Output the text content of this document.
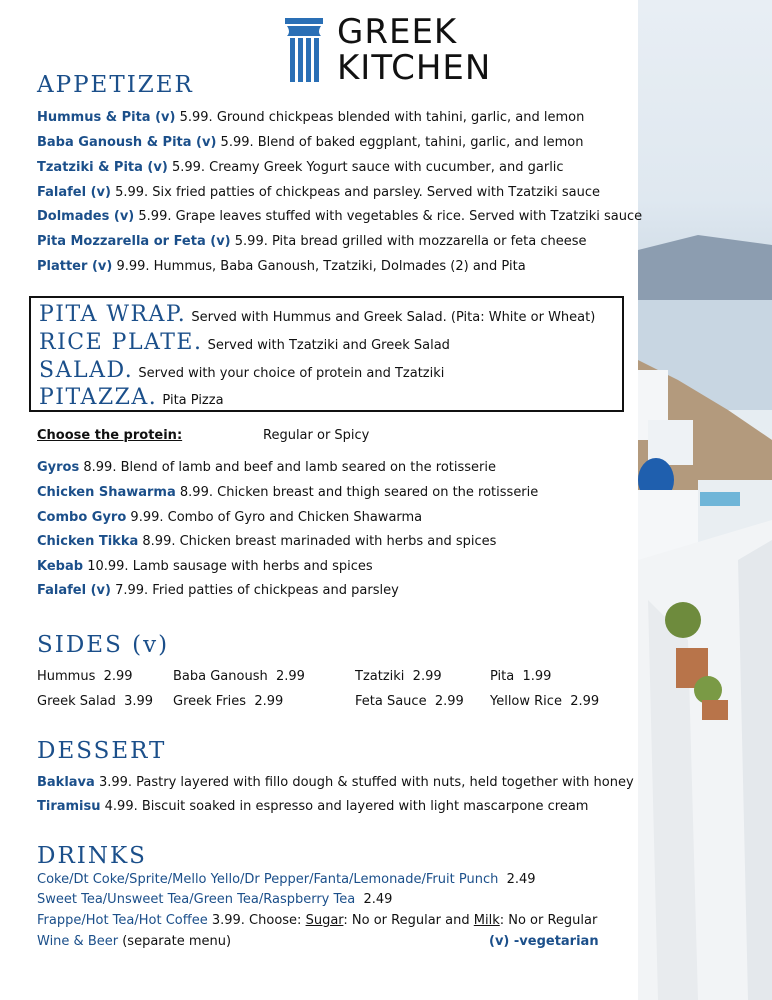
GREEK
KITCHEN
APPETIZER
Hummus & Pita (v) 5.99. Ground chickpeas blended with tahini, garlic, and lemon
Baba Ganoush & Pita (v) 5.99. Blend of baked eggplant, tahini, garlic, and lemon
Tzatziki & Pita (v) 5.99. Creamy Greek Yogurt sauce with cucumber, and garlic
Falafel (v) 5.99. Six fried patties of chickpeas and parsley. Served with Tzatziki sauce
Dolmades (v) 5.99. Grape leaves stuffed with vegetables & rice. Served with Tzatziki sauce
Pita Mozzarella or Feta (v) 5.99. Pita bread grilled with mozzarella or feta cheese
Platter (v) 9.99. Hummus, Baba Ganoush, Tzatziki, Dolmades (2) and Pita
PITA WRAP. Served with Hummus and Greek Salad. (Pita: White or Wheat)
RICE PLATE. Served with Tzatziki and Greek Salad
SALAD. Served with your choice of protein and Tzatziki
PITAZZA. Pita Pizza
Choose the protein:	Regular or Spicy
Gyros 8.99. Blend of lamb and beef and lamb seared on the rotisserie
Chicken Shawarma 8.99. Chicken breast and thigh seared on the rotisserie
Combo Gyro 9.99. Combo of Gyro and Chicken Shawarma
Chicken Tikka 8.99. Chicken breast marinaded with herbs and spices
Kebab 10.99. Lamb sausage with herbs and spices
Falafel (v) 7.99. Fried patties of chickpeas and parsley
SIDES (v)
Hummus 2.99	Baba Ganoush 2.99	Tzatziki 2.99	Pita 1.99
Greek Salad 3.99 Greek Fries 2.99	Feta Sauce 2.99 Yellow Rice 2.99
DESSERT
Baklava 3.99. Pastry layered with fillo dough & stuffed with nuts, held together with honey
Tiramisu 4.99. Biscuit soaked in espresso and layered with light mascarpone cream
DRINKS
Coke/Dt Coke/Sprite/Mello Yello/Dr Pepper/Fanta/Lemonade/Fruit Punch 2.49
Sweet Tea/Unsweet Tea/Green Tea/Raspberry Tea 2.49
Frappe/Hot Tea/Hot Coffee 3.99. Choose: Sugar: No or Regular and Milk: No or Regular
Wine & Beer (separate menu)	(v) -vegetarian
